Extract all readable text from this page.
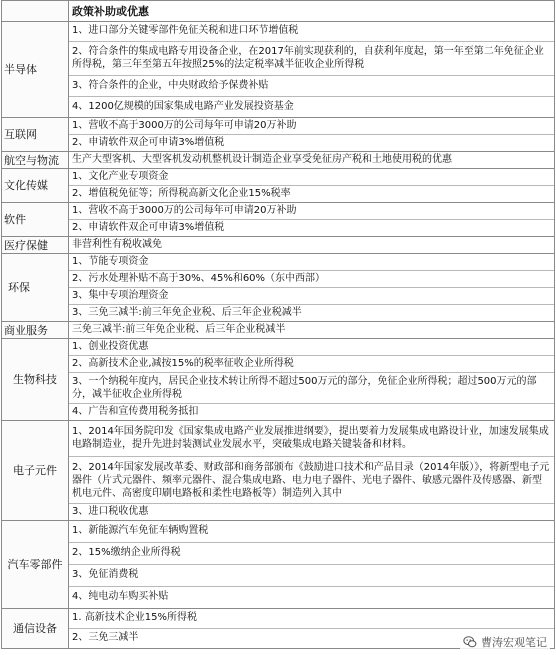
	政策补助或优惠
半导体	1、进口部分关键零部件免征关税和进口环节增值税
2、符合条件的集成电路专用设备企业，在2017年前实现获利的，自获利年度起，第一年至第二年免征企业所得税，第三年至第五年按照25%的法定税率减半征收企业所得税
3、符合条件的企业，中央财政给予保费补贴
4、1200亿规模的国家集成电路产业发展投资基金

互联网	1、营收不高于3000万的公司每年可申请20万补助
2、申请软件双企可申请3%增值税

航空与物流	生产大型客机、大型客机发动机整机设计制造企业享受免征房产税和土地使用税的优惠

文化传媒	1、文化产业专项资金
2、增值税免征等；所得税高新文化企业15%税率

软件	1、营收不高于3000万的公司每年可申请20万补助
2、申请软件双企可申请3%增值税

医疗保健	非营利性有税收减免

环保	1、节能专项资金
2、污水处理补贴不高于30%、45%和60%（东中西部）
3、集中专项治理资金
3、三免三减半:前三年免企业税、后三年企业税减半

商业服务	三免三减半:前三年免企业税、后三年企业税减半

生物科技	1、创业投资优惠
2、高新技术企业,减按15%的税率征收企业所得税
3、一个纳税年度内，居民企业技术转让所得不超过500万元的部分，免征企业所得税；超过500万元的部分，减半征收企业所得税
4、广告和宣传费用税务抵扣

电子元件	1、2014年国务院印发《国家集成电路产业发展推进纲要》，提出要着力发展集成电路设计业，加速发展集成电路制造业，提升先进封装测试业发展水平，突破集成电路关键装备和材料。
2、2014年国家发展改革委、财政部和商务部颁布《鼓励进口技术和产品目录（2014年版）》，将新型电子元器件（片式元器件、频率元器件、混合集成电路、电力电子器件、光电子器件、敏感元器件及传感器、新型机电元件、高密度印刷电路板和柔性电路板等）制造列入其中
3、进口税收优惠

汽车零部件	1、新能源汽车免征车辆购置税
2、15%缴纳企业所得税
3、免征消费税
4、纯电动车购买补贴

通信设备	1. 高新技术企业15%所得税
2、三免三减半	曹涛宏观笔记
